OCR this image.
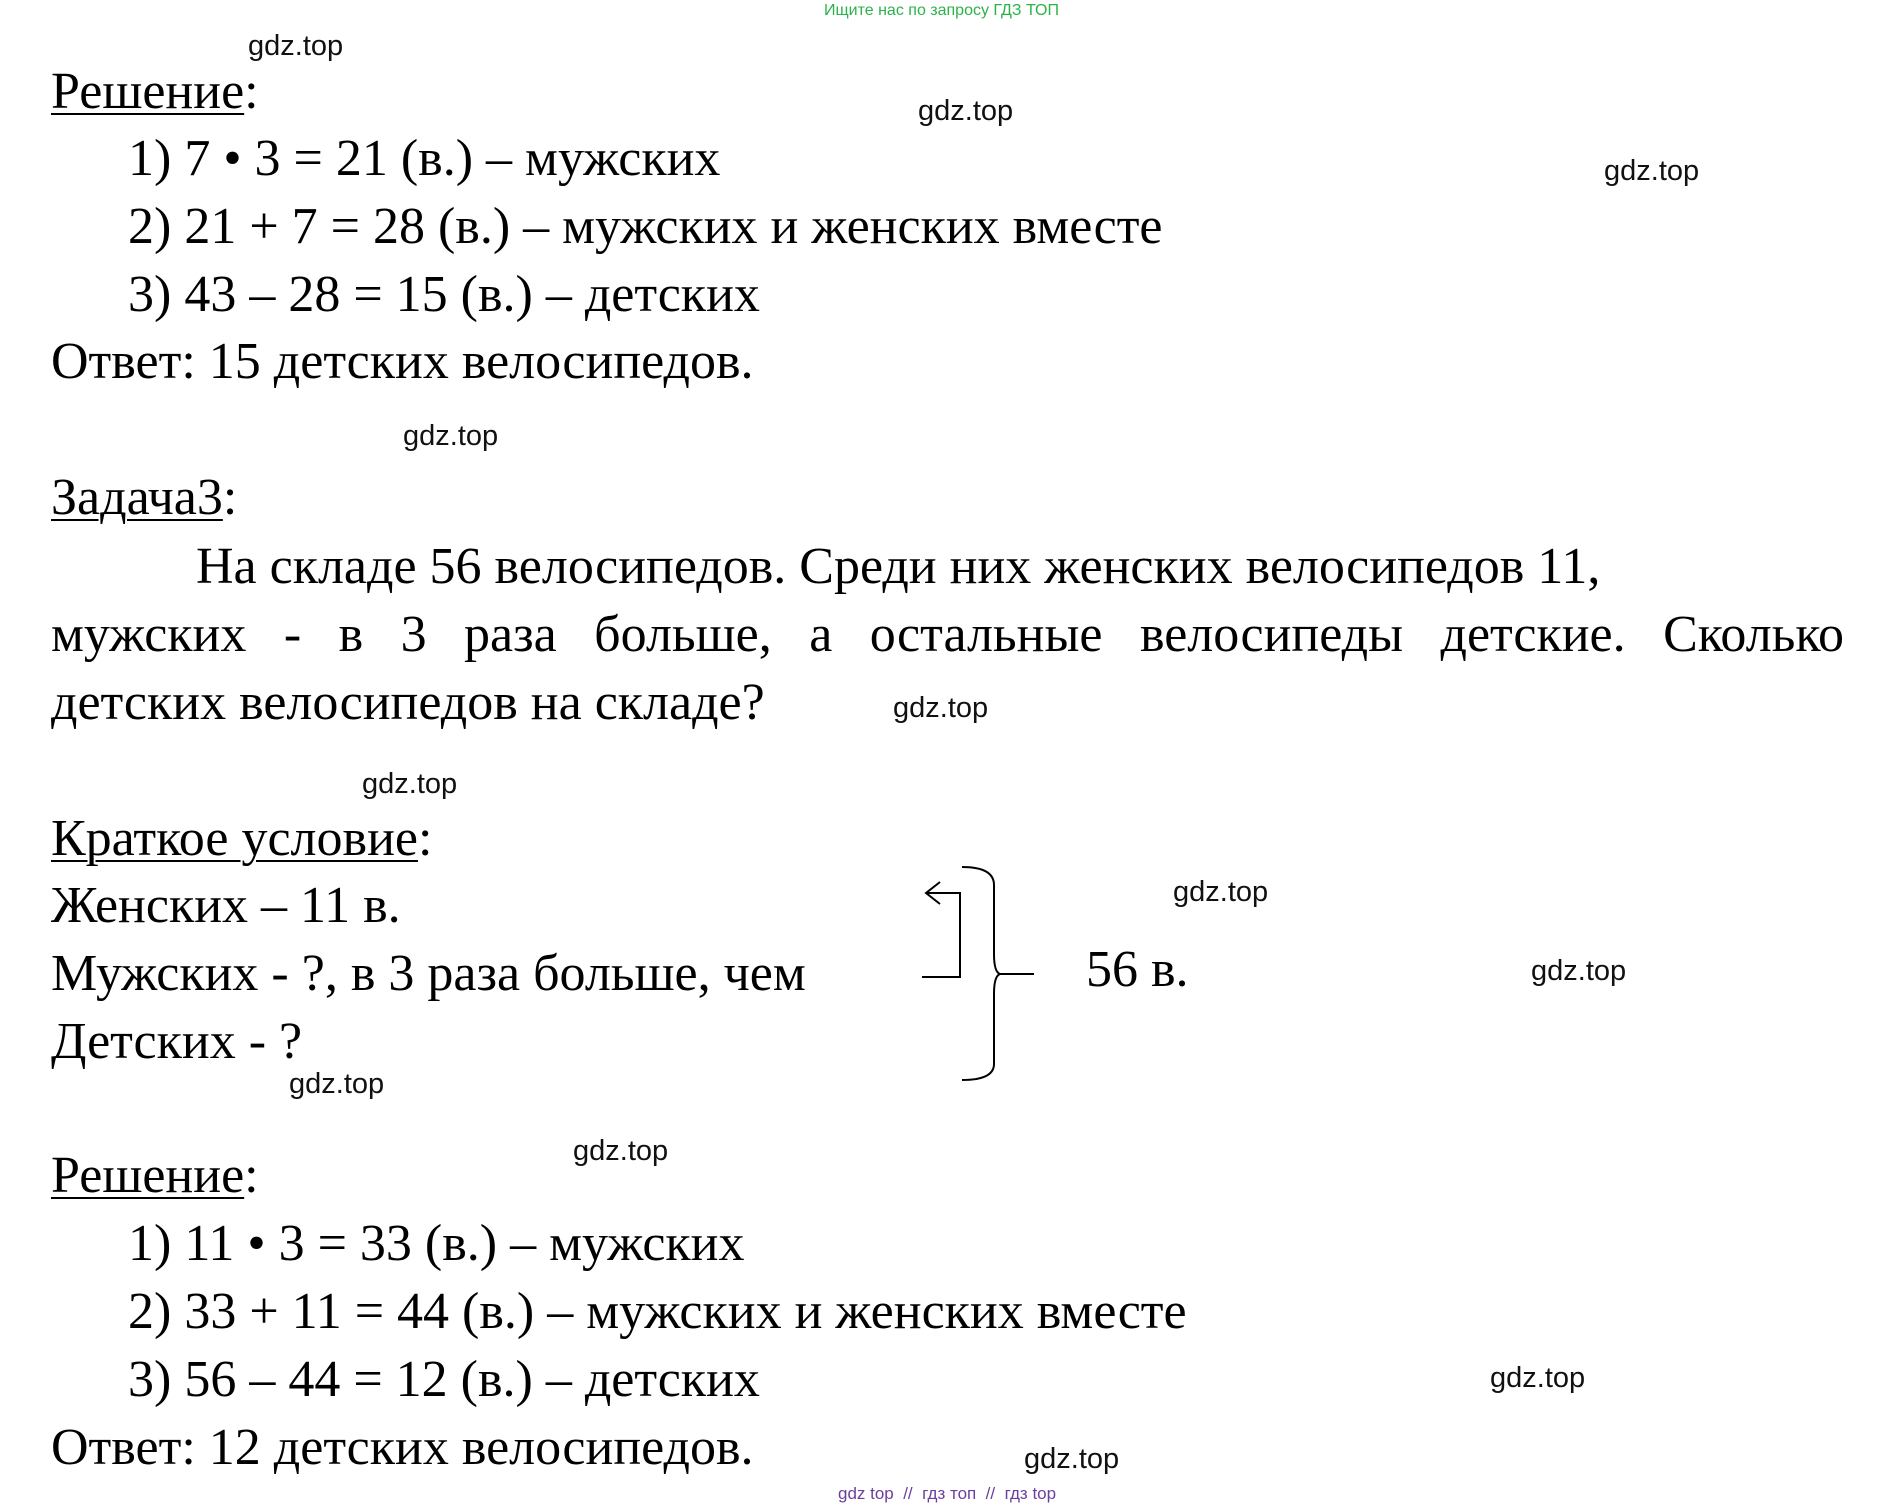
Ищите нас по запросу ГДЗ ТОП
gdz.top
gdz.top
gdz.top
gdz.top
gdz.top
gdz.top
gdz.top
gdz.top
gdz.top
gdz.top
gdz.top
gdz.top
Решение:
1) 7 • 3 = 21 (в.) – мужских
2) 21 + 7 = 28 (в.) – мужских и женских вместе
3) 43 – 28 = 15 (в.) – детских
Ответ: 15 детских велосипедов.
Задача3:
На складе 56 велосипедов. Среди них женских велосипедов 11,
мужских - в 3 раза больше, а остальные велосипеды детские. Сколько
детских велосипедов на складе?
Краткое условие:
Женских – 11 в.
Мужских - ?, в 3 раза больше, чем
Детских - ?
56 в.
Решение:
1) 11 • 3 = 33 (в.) – мужских
2) 33 + 11 = 44 (в.) – мужских и женских вместе
3) 56 – 44 = 12 (в.) – детских
Ответ: 12 детских велосипедов.
gdz top  //  гдз топ  //  гдз top
